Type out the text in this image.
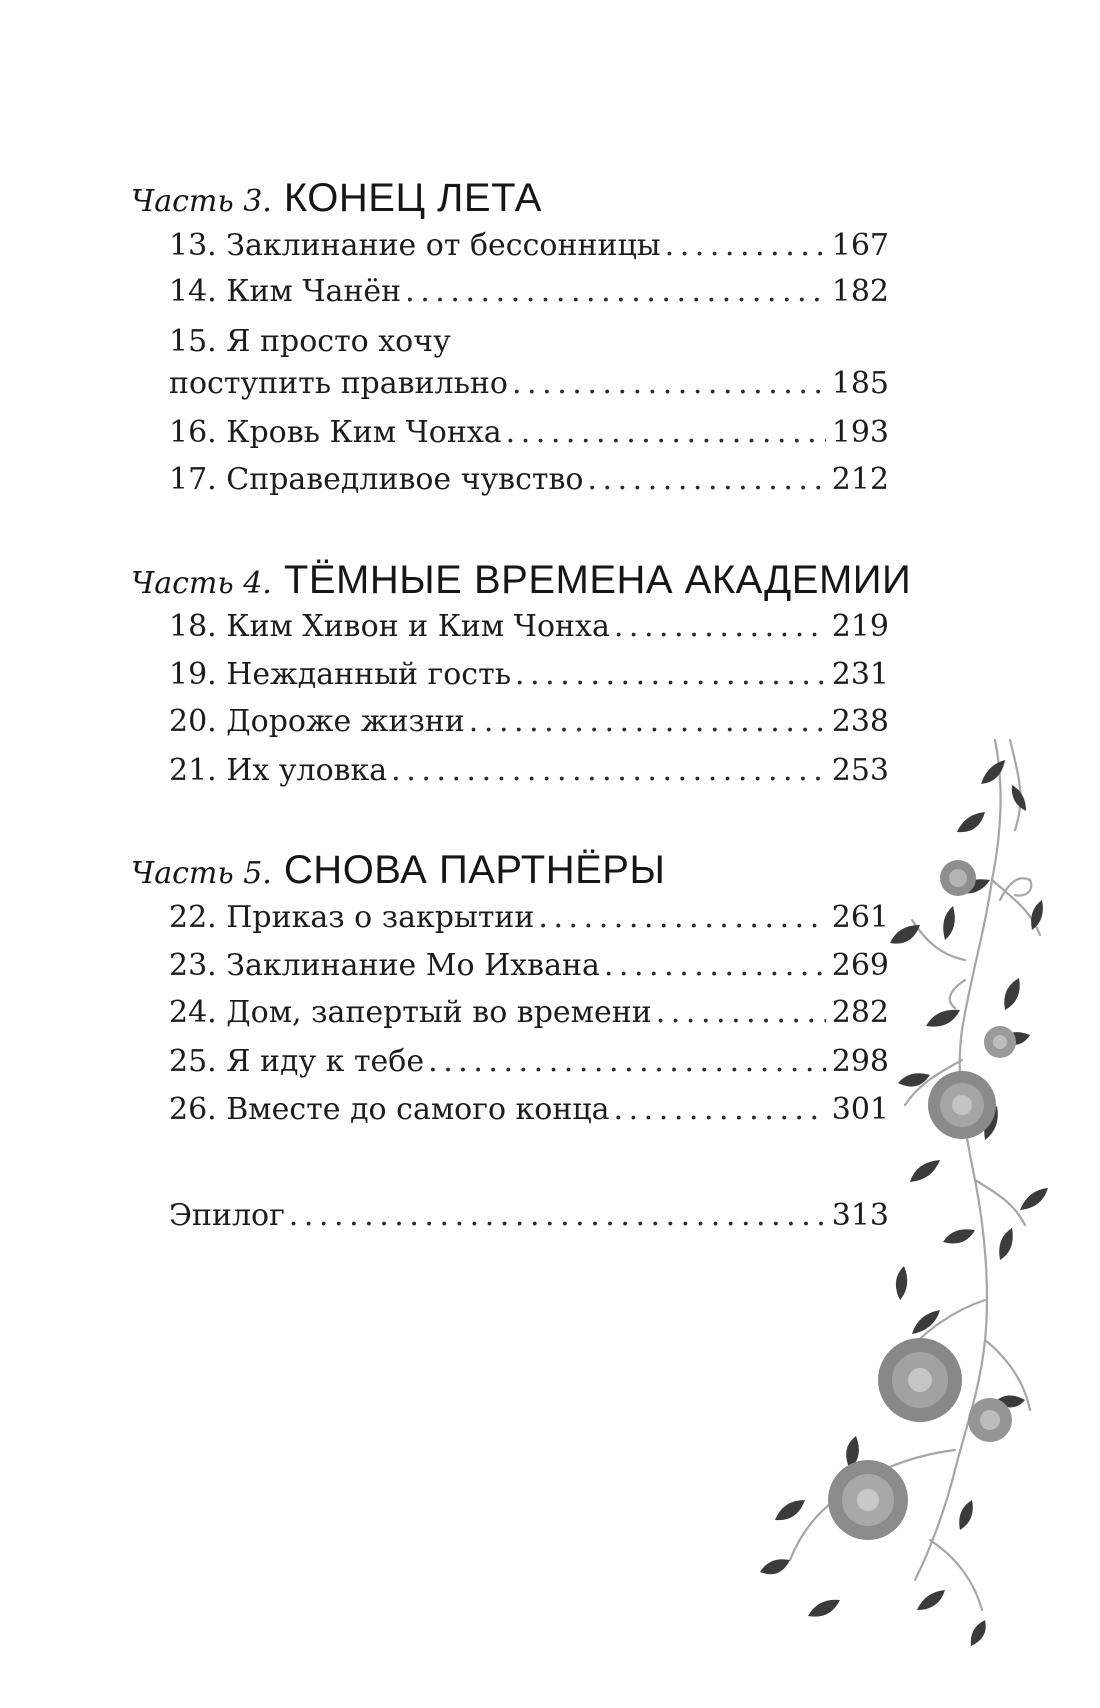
Часть 3. КОНЕЦ ЛЕТА
13. Заклинание от бессонницы . . .	167
14. Ким Чанён . . .	182
15. Я просто хочу
поступить правильно . . .	185
16. Кровь Ким Чонха . . .	193
17. Справедливое чувство . . .	212
Часть 4. ТЁМНЫЕ ВРЕМЕНА АКАДЕМИИ
18. Ким Хивон и Ким Чонха . . .	219
19. Нежданный гость . . .	231
20. Дороже жизни . . .	238
21. Их уловка . . .	253
Часть 5. СНОВА ПАРТНЁРЫ
22. Приказ о закрытии . . .	261
23. Заклинание Мо Ихвана . . .	269
24. Дом, запертый во времени . . .	282
25. Я иду к тебе . . .	298
26. Вместе до самого конца . . .	301
Эпилог . . .	313
